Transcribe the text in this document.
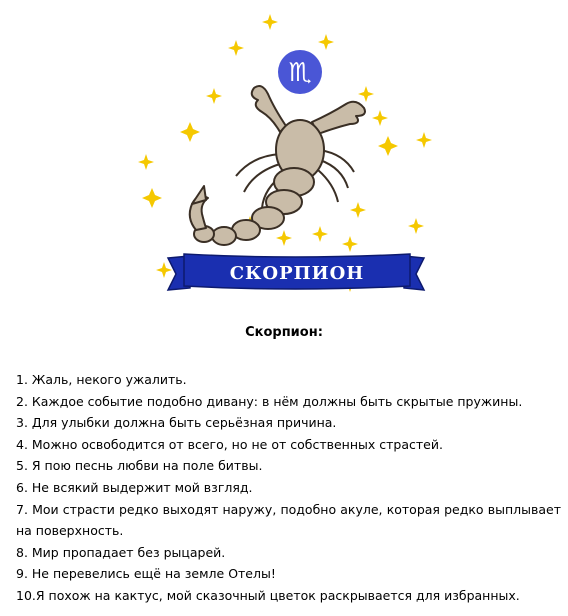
♏
СКОРПИОН
Скорпион:
1. Жаль, некого ужалить.
2. Каждое событие подобно дивану: в нём должны быть скрытые пружины.
3. Для улыбки должна быть серьёзная причина.
4. Можно освободится от всего, но не от собственных страстей.
5. Я пою песнь любви на поле битвы.
6. Не всякий выдержит мой взгляд.
7. Мои страсти редко выходят наружу, подобно акуле, которая редко выплывает на поверхность.
8. Мир пропадает без рыцарей.
9. Не перевелись ещё на земле Отелы!
10.Я похож на кактус, мой сказочный цветок раскрывается для избранных.
